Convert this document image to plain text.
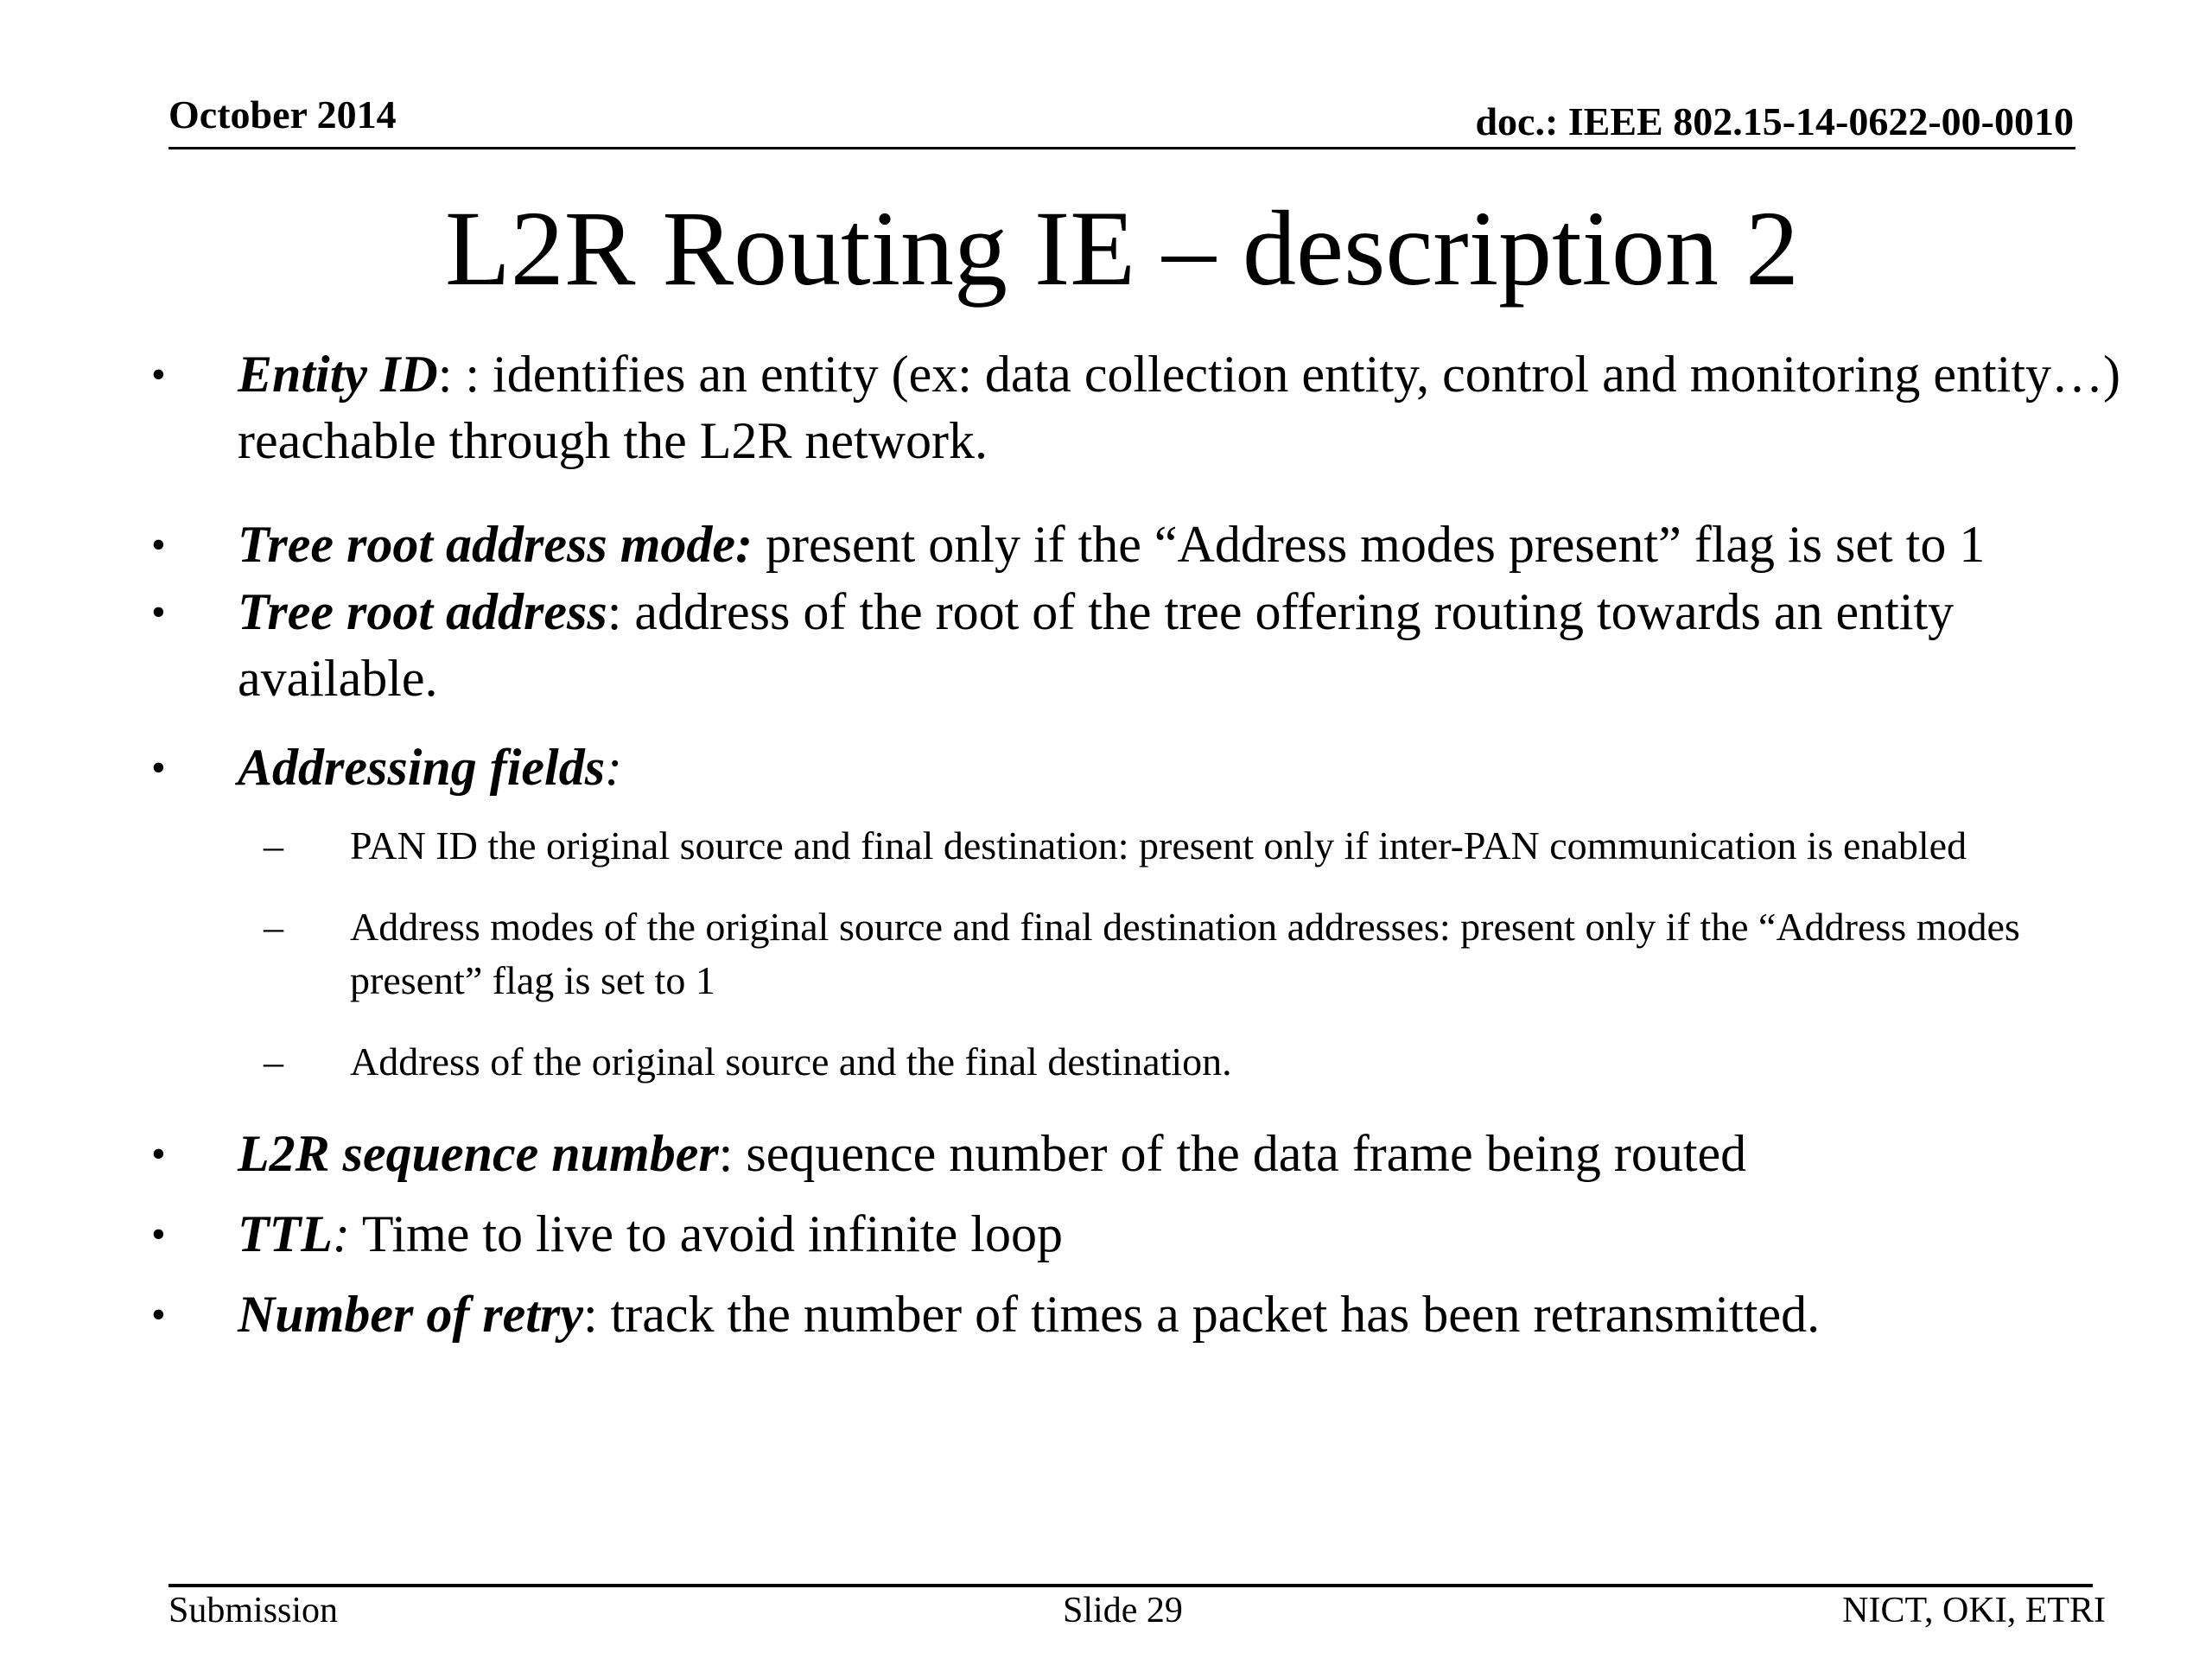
October 2014	doc.: IEEE 802.15-14-0622-00-0010
L2R Routing IE – description 2
• Entity ID: : identifies an entity (ex: data collection entity, control and monitoring entity…) reachable through the L2R network.
• Tree root address mode: present only if the “Address modes present” flag is set to 1
• Tree root address: address of the root of the tree offering routing towards an entity available.
• Addressing fields:
– PAN ID the original source and final destination: present only if inter-PAN communication is enabled
– Address modes of the original source and final destination addresses: present only if the “Address modes present” flag is set to 1
– Address of the original source and the final destination.
• L2R sequence number: sequence number of the data frame being routed
• TTL: Time to live to avoid infinite loop
• Number of retry: track the number of times a packet has been retransmitted.
Submission	Slide 29	NICT, OKI, ETRI
